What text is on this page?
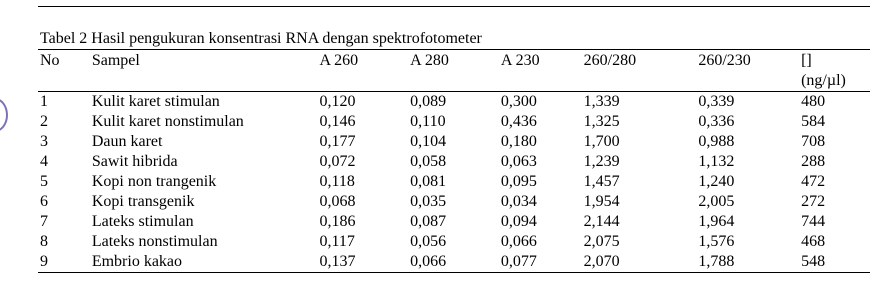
Tabel 2 Hasil pengukuran konsentrasi RNA dengan spektrofotometer
No	Sampel	A 260	A 280	A 230	260/280	260/230	[]
(ng/µl)

1	Kulit karet stimulan	0,120	0,089	0,300	1,339	0,339	480
2	Kulit karet nonstimulan	0,146	0,110	0,436	1,325	0,336	584
3	Daun karet	0,177	0,104	0,180	1,700	0,988	708
4	Sawit hibrida	0,072	0,058	0,063	1,239	1,132	288
5	Kopi non trangenik	0,118	0,081	0,095	1,457	1,240	472
6	Kopi transgenik	0,068	0,035	0,034	1,954	2,005	272
7	Lateks stimulan	0,186	0,087	0,094	2,144	1,964	744
8	Lateks nonstimulan	0,117	0,056	0,066	2,075	1,576	468
9	Embrio kakao	0,137	0,066	0,077	2,070	1,788	548
